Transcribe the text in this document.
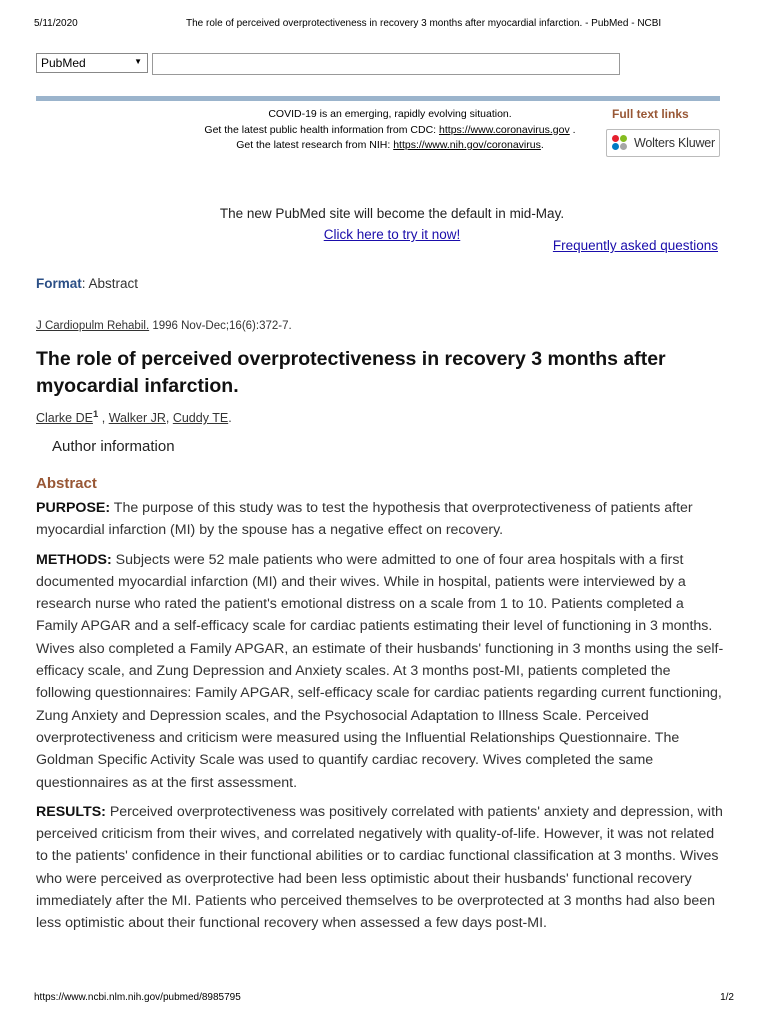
5/11/2020	The role of perceived overprotectiveness in recovery 3 months after myocardial infarction. - PubMed - NCBI
PubMed	▼
COVID-19 is an emerging, rapidly evolving situation.
Get the latest public health information from CDC: https://www.coronavirus.gov .
Get the latest research from NIH: https://www.nih.gov/coronavirus.
Full text links
Wolters Kluwer
The new PubMed site will become the default in mid-May.
Click here to try it now!
Frequently asked questions
Format: Abstract
J Cardiopulm Rehabil. 1996 Nov-Dec;16(6):372-7.
The role of perceived overprotectiveness in recovery 3 months after myocardial infarction.
Clarke $DE^1$ , Walker JR, Cuddy TE.
Author information
Abstract

PURPOSE: The purpose of this study was to test the hypothesis that overprotectiveness of patients after myocardial infarction (MI) by the spouse has a negative effect on recovery.

METHODS: Subjects were 52 male patients who were admitted to one of four area hospitals with a first documented myocardial infarction (MI) and their wives. While in hospital, patients were interviewed by a research nurse who rated the patient's emotional distress on a scale from 1 to 10. Patients completed a Family APGAR and a self-efficacy scale for cardiac patients estimating their level of functioning in 3 months. Wives also completed a Family APGAR, an estimate of their husbands' functioning in 3 months using the self-efficacy scale, and Zung Depression and Anxiety scales. At 3 months post-MI, patients completed the following questionnaires: Family APGAR, self-efficacy scale for cardiac patients regarding current functioning, Zung Anxiety and Depression scales, and the Psychosocial Adaptation to Illness Scale. Perceived overprotectiveness and criticism were measured using the Influential Relationships Questionnaire. The Goldman Specific Activity Scale was used to quantify cardiac recovery. Wives completed the same questionnaires as at the first assessment.

RESULTS: Perceived overprotectiveness was positively correlated with patients' anxiety and depression, with perceived criticism from their wives, and correlated negatively with quality-of-life. However, it was not related to the patients' confidence in their functional abilities or to cardiac functional classification at 3 months. Wives who were perceived as overprotective had been less optimistic about their husbands' functional recovery immediately after the MI. Patients who perceived themselves to be overprotected at 3 months had also been less optimistic about their functional recovery when assessed a few days post-MI.

https://www.ncbi.nlm.nih.gov/pubmed/8985795	1/2
